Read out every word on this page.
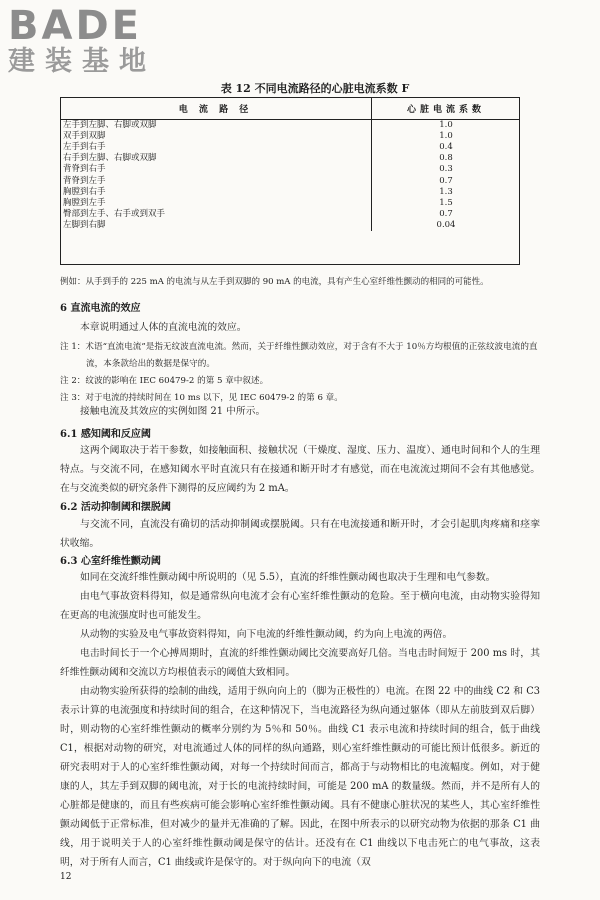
BADE
建装基地
表 12 不同电流路径的心脏电流系数 F
电 流 路 径	心脏电流系数
左手到左脚、右脚或双脚	1.0
双手到双脚	1.0
左手到右手	0.4
右手到左脚、右脚或双脚	0.8
背脊到右手	0.3
背脊到左手	0.7
胸膛到右手	1.3
胸膛到左手	1.5
臀部到左手、右手或到双手	0.7
左脚到右脚	0.04
例如：从手到手的 225 mA 的电流与从左手到双脚的 90 mA 的电流，具有产生心室纤维性颤动的相同的可能性。
6 直流电流的效应
本章说明通过人体的直流电流的效应。
注 1：术语“直流电流”是指无纹波直流电流。然而，关于纤维性颤动效应，对于含有不大于 10％方均根值的正弦纹波电流的直流，本条款给出的数据是保守的。
注 2：纹波的影响在 IEC 60479-2 的第 5 章中叙述。
注 3：对于电流的持续时间在 10 ms 以下，见 IEC 60479-2 的第 6 章。
接触电流及其效应的实例如图 21 中所示。
6.1 感知阈和反应阈
这两个阈取决于若干参数，如接触面积、接触状况（干燥度、湿度、压力、温度）、通电时间和个人的生理特点。与交流不同，在感知阈水平时直流只有在接通和断开时才有感觉，而在电流流过期间不会有其他感觉。在与交流类似的研究条件下测得的反应阈约为 2 mA。
6.2 活动抑制阈和摆脱阈
与交流不同，直流没有确切的活动抑制阈或摆脱阈。只有在电流接通和断开时，才会引起肌肉疼痛和痉挛状收缩。
6.3 心室纤维性颤动阈
如同在交流纤维性颤动阈中所说明的（见 5.5），直流的纤维性颤动阈也取决于生理和电气参数。
由电气事故资料得知，似是通常纵向电流才会有心室纤维性颤动的危险。至于横向电流，由动物实验得知在更高的电流强度时也可能发生。
从动物的实验及电气事故资料得知，向下电流的纤维性颤动阈，约为向上电流的两倍。
电击时间长于一个心搏周期时，直流的纤维性颤动阈比交流要高好几倍。当电击时间短于 200 ms 时，其纤维性颤动阈和交流以方均根值表示的阈值大致相同。
由动物实验所获得的绘制的曲线，适用于纵向向上的（脚为正极性的）电流。在图 22 中的曲线 C2 和 C3 表示计算的电流强度和持续时间的组合，在这种情况下，当电流路径为纵向通过躯体（即从左前肢到双后脚）时，则动物的心室纤维性颤动的概率分别约为 5％和 50％。曲线 C1 表示电流和持续时间的组合，低于曲线 C1，根据对动物的研究，对电流通过人体的同样的纵向通路，则心室纤维性颤动的可能比预计低很多。新近的研究表明对于人的心室纤维性颤动阈，对每一个持续时间而言，都高于与动物相比的电流幅度。例如，对于健康的人，其左手到双脚的阈电流，对于长的电流持续时间，可能是 200 mA 的数量级。然而，并不是所有人的心脏都是健康的，而且有些疾病可能会影响心室纤维性颤动阈。具有不健康心脏状况的某些人，其心室纤维性颤动阈低于正常标准，但对减少的量并无准确的了解。因此，在图中所表示的以研究动物为依据的那条 C1 曲线，用于说明关于人的心室纤维性颤动阈是保守的估计。还没有在 C1 曲线以下电击死亡的电气事故，这表明，对于所有人而言，C1 曲线或许是保守的。对于纵向向下的电流（双
12
